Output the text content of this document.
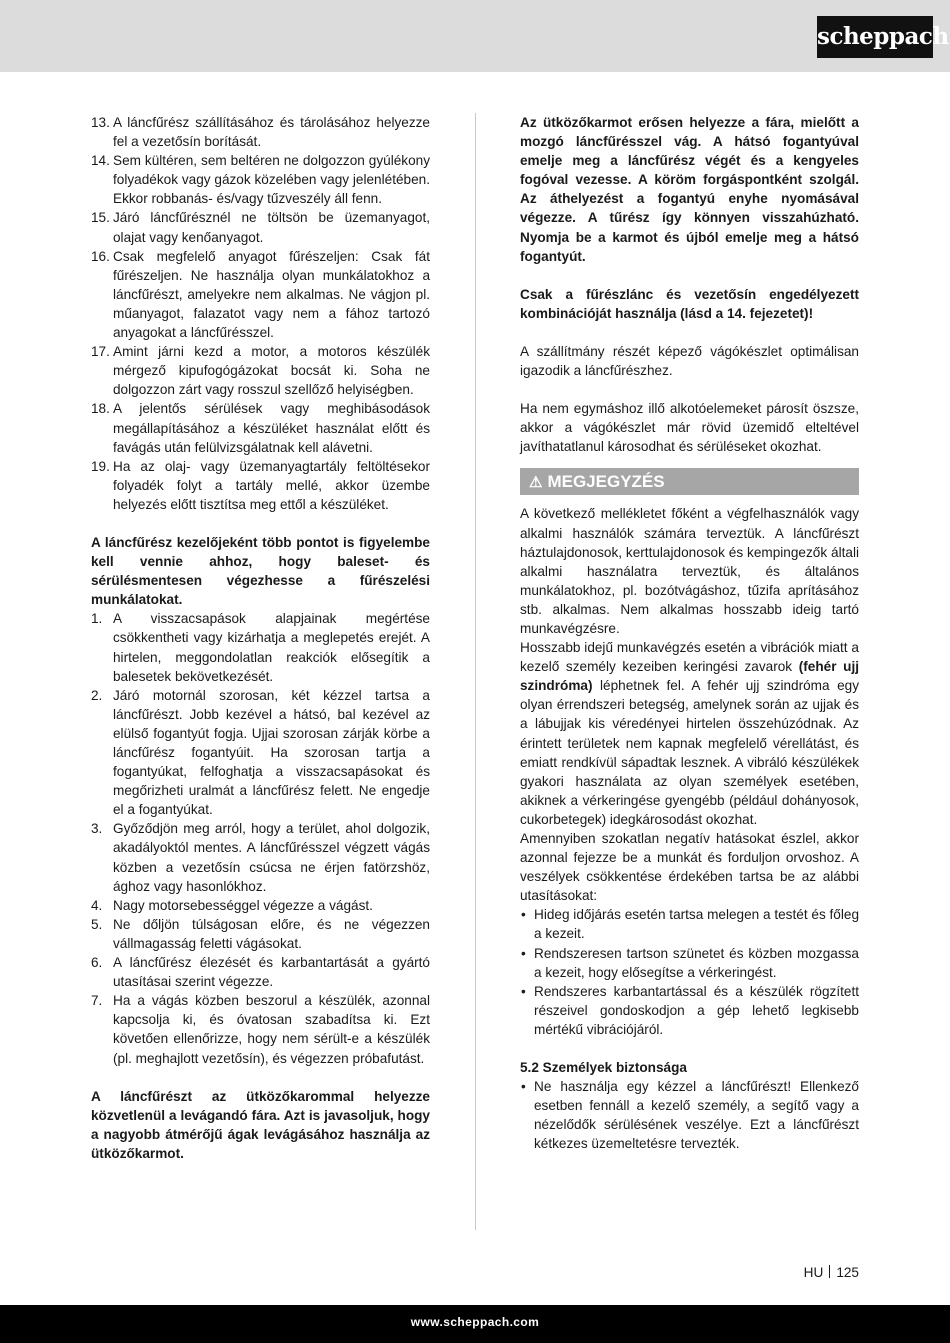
scheppach
13. A láncfűrész szállításához és tárolásához helyezze fel a vezetősín borítását.
14. Sem kültéren, sem beltéren ne dolgozzon gyúlékony folyadékok vagy gázok közelében vagy jelenlétében. Ekkor robbanás- és/vagy tűzveszély áll fenn.
15. Járó láncfűrésznél ne töltsön be üzemanyagot, olajat vagy kenőanyagot.
16. Csak megfelelő anyagot fűrészeljen: Csak fát fűrészeljen. Ne használja olyan munkálatokhoz a láncfűrészt, amelyekre nem alkalmas. Ne vágjon pl. műanyagot, falazatot vagy nem a fához tartozó anyagokat a láncfűrésszel.
17. Amint járni kezd a motor, a motoros készülék mérgező kipufogógázokat bocsát ki. Soha ne dolgozzon zárt vagy rosszul szellőző helyiségben.
18. A jelentős sérülések vagy meghibásodások megállapításához a készüléket használat előtt és favágás után felülvizsgálatnak kell alávetni.
19. Ha az olaj- vagy üzemanyagtartály feltöltésekor folyadék folyt a tartály mellé, akkor üzembe helyezés előtt tisztítsa meg ettől a készüléket.

A láncfűrész kezelőjeként több pontot is figyelembe kell vennie ahhoz, hogy baleset- és sérülésmentesen végezhesse a fűrészelési munkálatokat.

1. A visszacsapások alapjainak megértése csökkentheti vagy kizárhatja a meglepetés erejét. A hirtelen, meggondolatlan reakciók elősegítik a balesetek bekövetkezését.
2. Járó motornál szorosan, két kézzel tartsa a láncfűrészt. Jobb kezével a hátsó, bal kezével az elülső fogantyút fogja. Ujjai szorosan zárják körbe a láncfűrész fogantyúit. Ha szorosan tartja a fogantyúkat, felfoghatja a visszacsapásokat és megőrizheti uralmát a láncfűrész felett. Ne engedje el a fogantyúkat.
3. Győződjön meg arról, hogy a terület, ahol dolgozik, akadályoktól mentes. A láncfűrésszel végzett vágás közben a vezetősín csúcsa ne érjen fatörzshöz, ághoz vagy hasonlókhoz.
4. Nagy motorsebességgel végezze a vágást.
5. Ne dőljön túlságosan előre, és ne végezzen vállmagasság feletti vágásokat.
6. A láncfűrész élezését és karbantartását a gyártó utasításai szerint végezze.
7. Ha a vágás közben beszorul a készülék, azonnal kapcsolja ki, és óvatosan szabadítsa ki. Ezt követően ellenőrizze, hogy nem sérült-e a készülék (pl. meghajlott vezetősín), és végezzen próbafutást.

A láncfűrészt az ütközőkarommal helyezze közvetlenül a levágandó fára. Azt is javasoljuk, hogy a nagyobb átmérőjű ágak levágásához használja az ütközőkarmot.

Az ütközőkarmot erősen helyezze a fára, mielőtt a mozgó láncfűrésszel vág. A hátsó fogantyúval emelje meg a láncfűrész végét és a kengyeles fogóval vezesse. A köröm forgáspontként szolgál. Az áthelyezést a fogantyú enyhe nyomásával végezze. A tűrész így könnyen visszahúzható. Nyomja be a karmot és újból emelje meg a hátsó fogantyút.

Csak a fűrészlánc és vezetősín engedélyezett kombinációját használja (lásd a 14. fejezetet)!

A szállítmány részét képező vágókészlet optimálisan igazodik a láncfűrészhez.

Ha nem egymáshoz illő alkotóelemeket párosít öszsze, akkor a vágókészlet már rövid üzemidő elteltével javíthatatlanul károsodhat és sérüléseket okozhat.

⚠ MEGJEGYZÉS

A következő mellékletet főként a végfelhasználók vagy alkalmi használók számára terveztük. A láncfűrészt háztulajdonosok, kerttulajdonosok és kempingezők általi alkalmi használatra terveztük, és általános munkálatokhoz, pl. bozótvágáshoz, tűzifa aprításához stb. alkalmas. Nem alkalmas hosszabb ideig tartó munkavégzésre.

Hosszabb idejű munkavégzés esetén a vibrációk miatt a kezelő személy kezeiben keringési zavarok (fehér ujj szindróma) léphetnek fel. A fehér ujj szindróma egy olyan érrendszeri betegség, amelynek során az ujjak és a lábujjak kis véredényei hirtelen összehúzódnak. Az érintett területek nem kapnak megfelelő vérellátást, és emiatt rendkívül sápadtak lesznek. A vibráló készülékek gyakori használata az olyan személyek esetében, akiknek a vérkeringése gyengébb (például dohányosok, cukorbetegek) idegkárosodást okozhat.

Amennyiben szokatlan negatív hatásokat észlel, akkor azonnal fejezze be a munkát és forduljon orvoshoz. A veszélyek csökkentése érdekében tartsa be az alábbi utasításokat:

• Hideg időjárás esetén tartsa melegen a testét és főleg a kezeit.
• Rendszeresen tartson szünetet és közben mozgassa a kezeit, hogy elősegítse a vérkeringést.
• Rendszeres karbantartással és a készülék rögzített részeivel gondoskodjon a gép lehető legkisebb mértékű vibrációjáról.

5.2 Személyek biztonsága

• Ne használja egy kézzel a láncfűrészt! Ellenkező esetben fennáll a kezelő személy, a segítő vagy a nézelődők sérülésének veszélye. Ezt a láncfűrészt kétkezes üzemeltetésre tervezték.
HU 125
www.scheppach.com
